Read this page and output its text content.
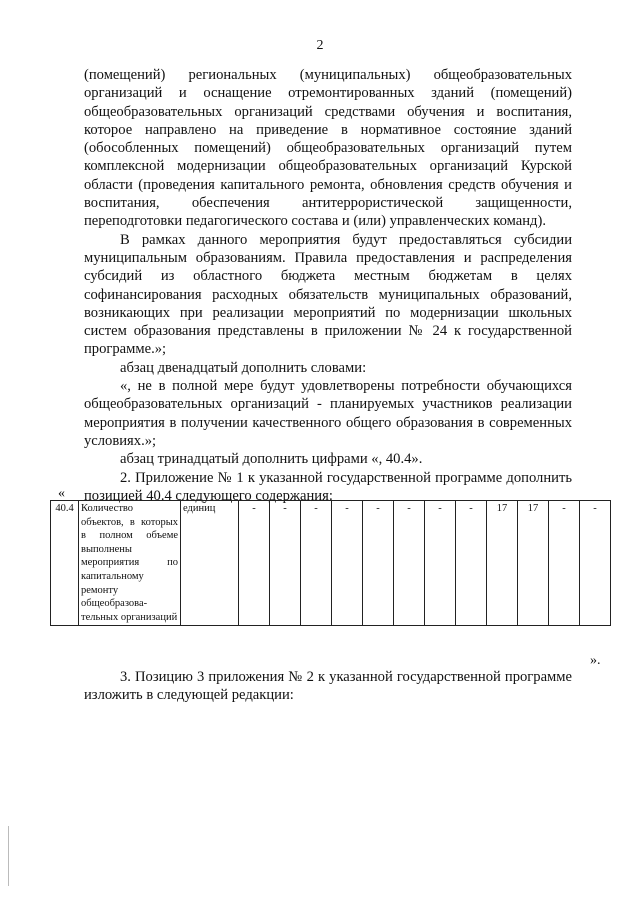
2

(помещений) региональных (муниципальных) общеобразовательных организаций и оснащение отремонтированных зданий (помещений) общеобразовательных организаций средствами обучения и воспитания, которое направлено на приведение в нормативное состояние зданий (обособленных помещений) общеобразовательных организаций путем комплексной модернизации общеобразовательных организаций Курской области (проведения капитального ремонта, обновления средств обучения и воспитания, обеспечения антитеррористической защищенности, переподготовки педагогического состава и (или) управленческих команд).

В рамках данного мероприятия будут предоставляться субсидии муниципальным образованиям. Правила предоставления и распределения субсидий из областного бюджета местным бюджетам в целях софинансирования расходных обязательств муниципальных образований, возникающих при реализации мероприятий по модернизации школьных систем образования представлены в приложении № 24 к государственной программе.»;

абзац двенадцатый дополнить словами:

«, не в полной мере будут удовлетворены потребности обучающихся общеобразовательных организаций - планируемых участников реализации мероприятия в получении качественного общего образования в современных условиях.»;

абзац тринадцатый дополнить цифрами «, 40.4».

2. Приложение № 1 к указанной государственной программе дополнить позицией 40.4 следующего содержания:

«
40.4	Количество объектов, в которых в полном объеме выполнены мероприятия по капитальному ремонту общеобразова-тельных организаций	единиц	-	-	-	-	-	-	-	-	17	17	-	-
».

3. Позицию 3 приложения № 2 к указанной государственной программе изложить в следующей редакции:
